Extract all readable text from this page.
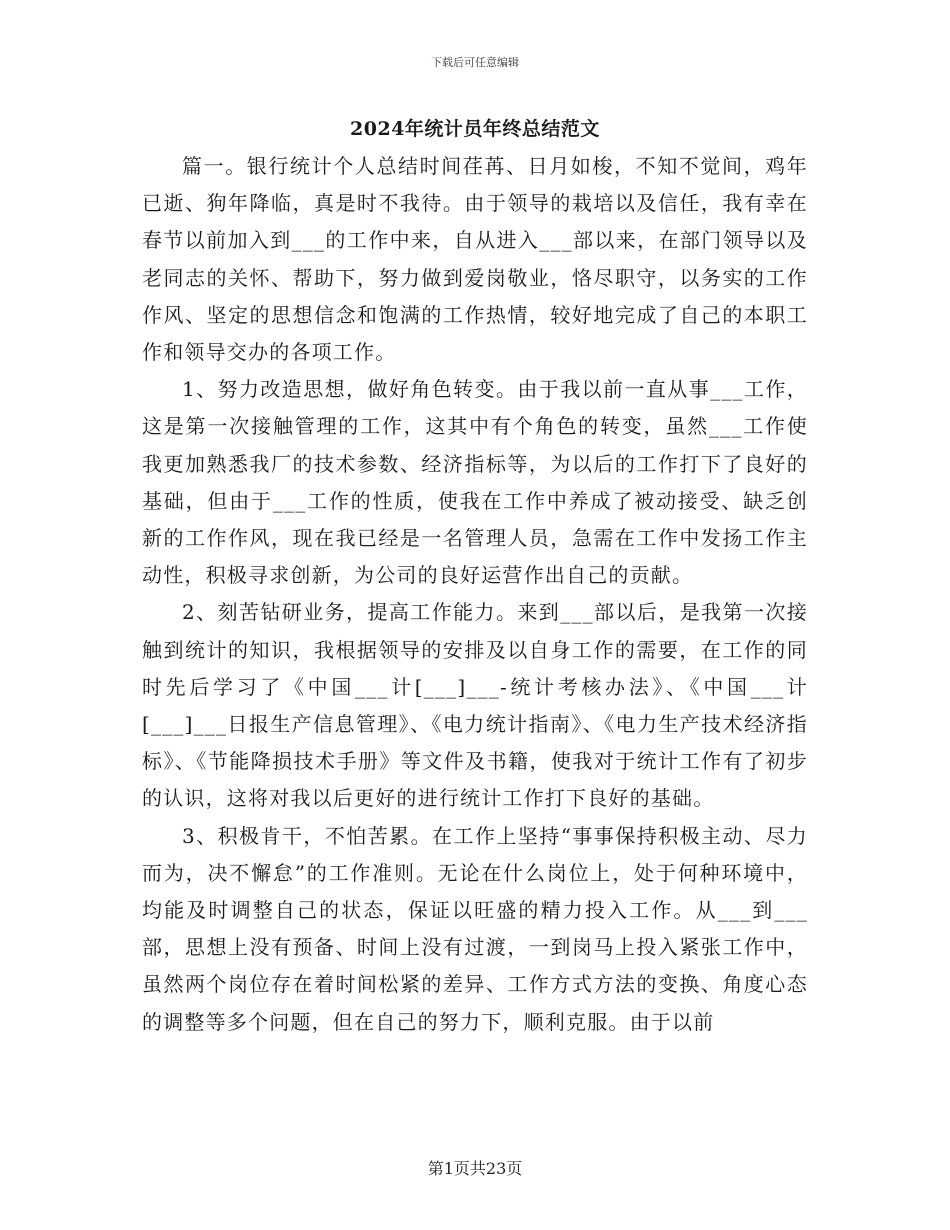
下载后可任意编辑
2024年统计员年终总结范文

篇一。银行统计个人总结时间荏苒、日月如梭，不知不觉间，鸡年已逝、狗年降临，真是时不我待。由于领导的栽培以及信任，我有幸在春节以前加入到___的工作中来，自从进入___部以来，在部门领导以及老同志的关怀、帮助下，努力做到爱岗敬业，恪尽职守，以务实的工作作风、坚定的思想信念和饱满的工作热情，较好地完成了自己的本职工作和领导交办的各项工作。

1、努力改造思想，做好角色转变。由于我以前一直从事___工作，这是第一次接触管理的工作，这其中有个角色的转变，虽然___工作使我更加熟悉我厂的技术参数、经济指标等，为以后的工作打下了良好的基础，但由于___工作的性质，使我在工作中养成了被动接受、缺乏创新的工作作风，现在我已经是一名管理人员，急需在工作中发扬工作主动性，积极寻求创新，为公司的良好运营作出自己的贡献。

2、刻苦钻研业务，提高工作能力。来到___部以后，是我第一次接触到统计的知识，我根据领导的安排及以自身工作的需要，在工作的同时先后学习了《中国___计[___]___-统计考核办法》、《中国___计[___]___日报生产信息管理》、《电力统计指南》、《电力生产技术经济指标》、《节能降损技术手册》等文件及书籍，使我对于统计工作有了初步的认识，这将对我以后更好的进行统计工作打下良好的基础。

3、积极肯干，不怕苦累。在工作上坚持“事事保持积极主动、尽力而为，决不懈怠”的工作准则。无论在什么岗位上，处于何种环境中，均能及时调整自己的状态，保证以旺盛的精力投入工作。从___到___部，思想上没有预备、时间上没有过渡，一到岗马上投入紧张工作中，虽然两个岗位存在着时间松紧的差异、工作方式方法的变换、角度心态的调整等多个问题，但在自己的努力下，顺利克服。由于以前

第1页共23页
